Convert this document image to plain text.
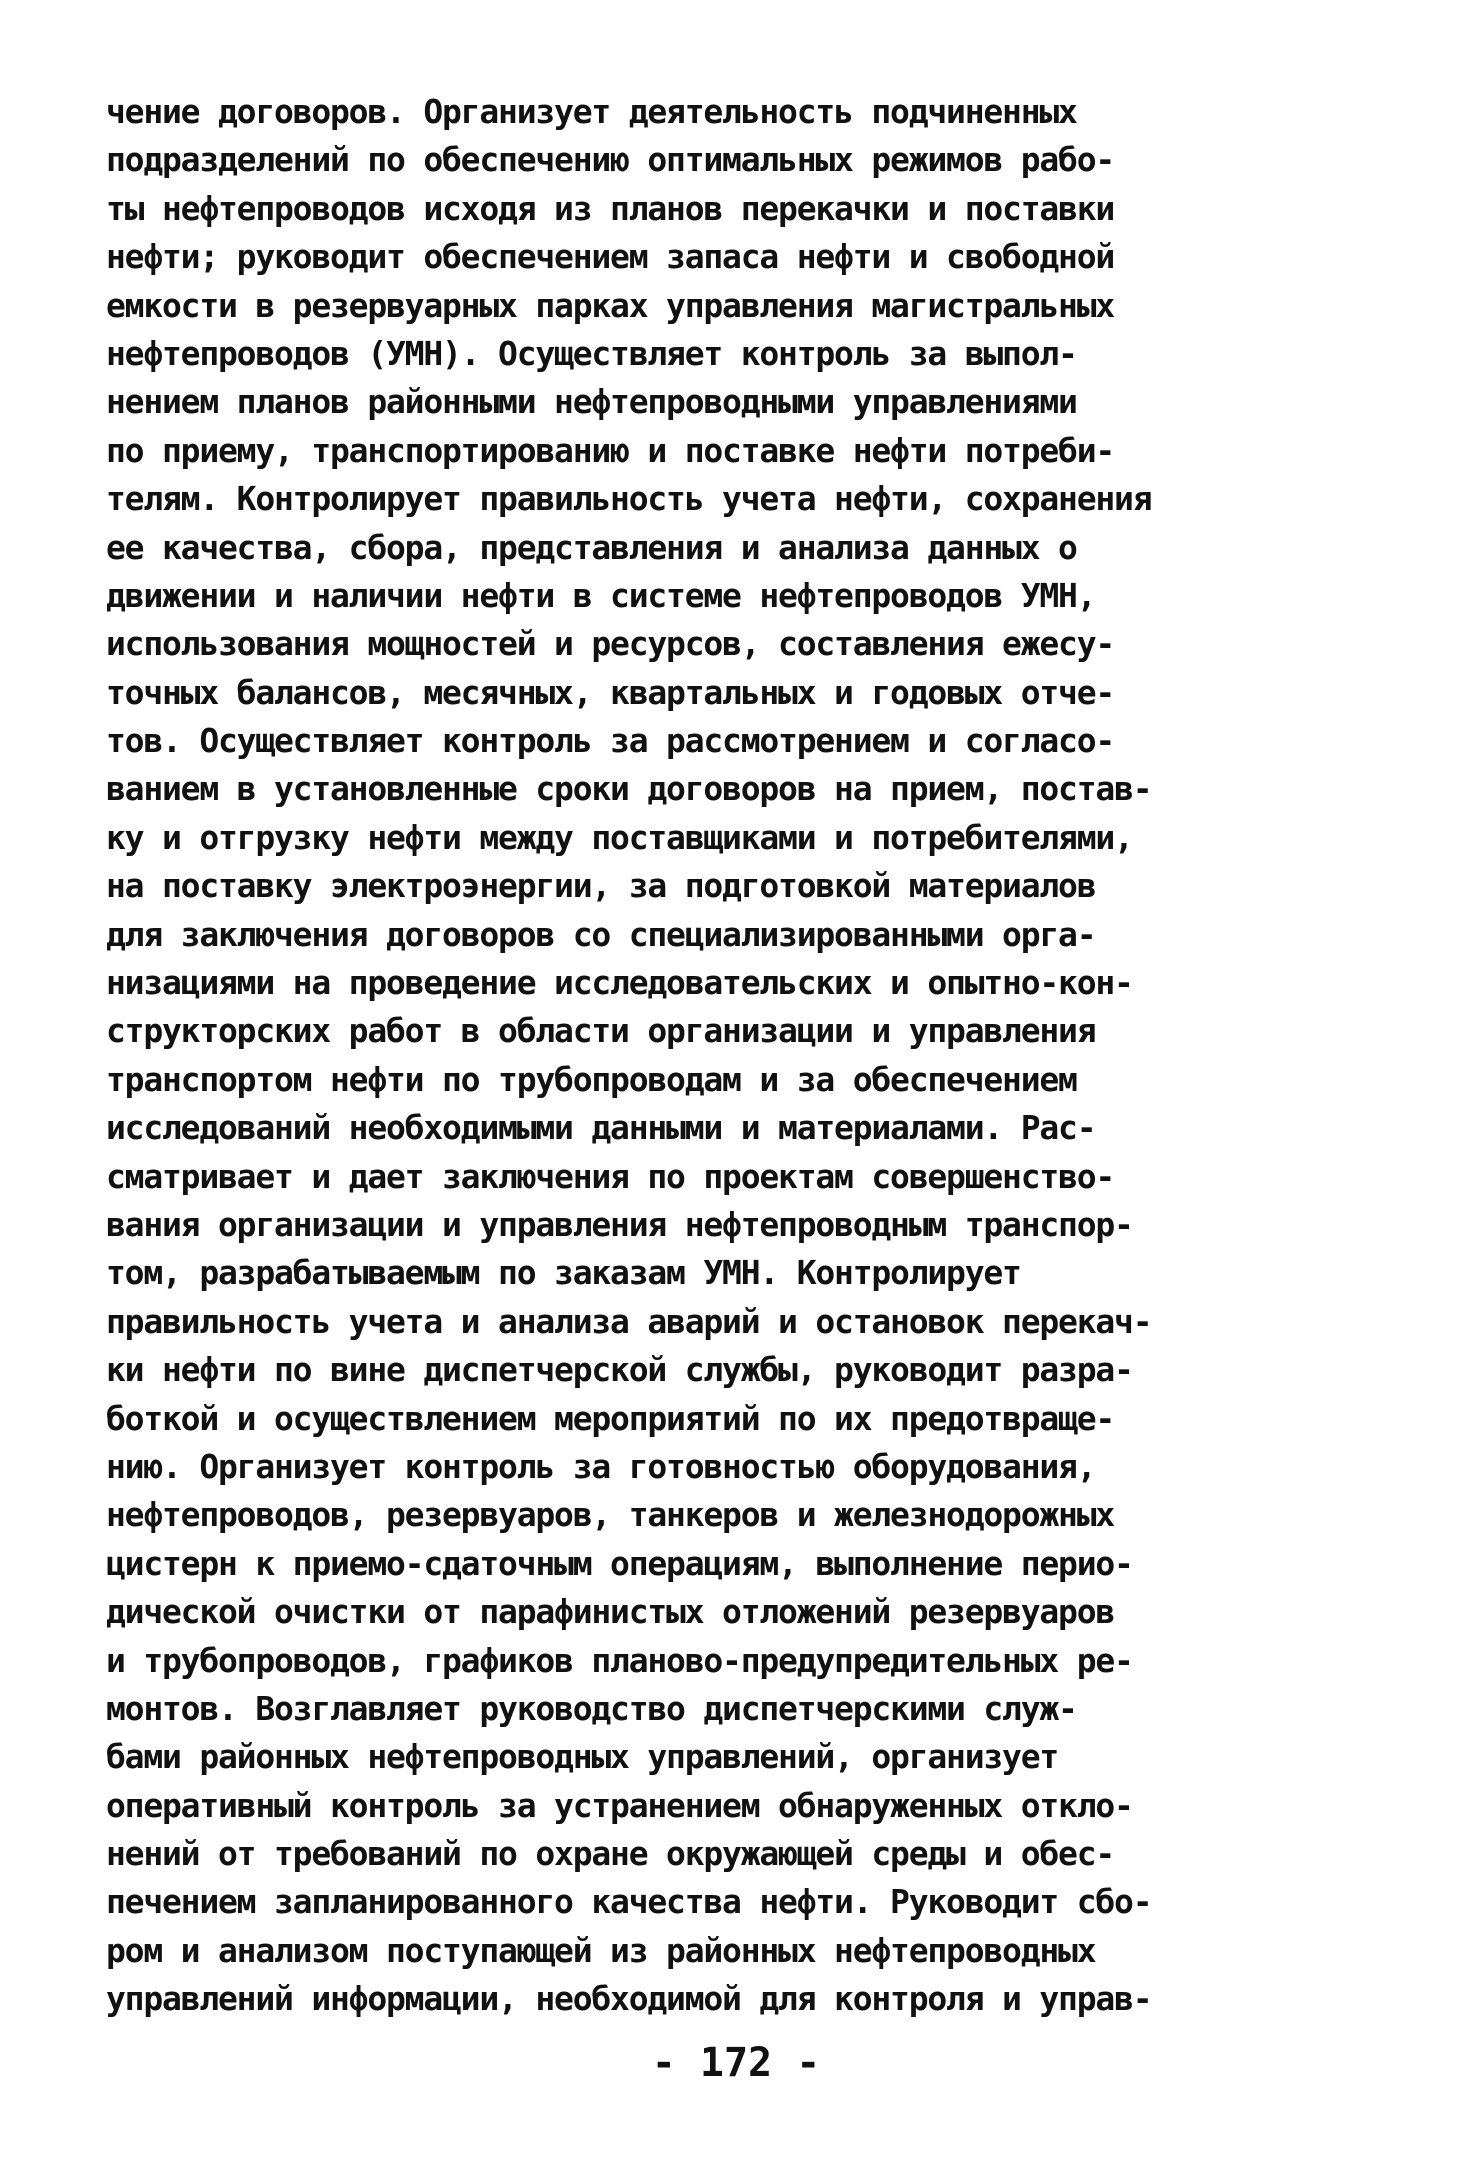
чение договоров. Организует деятельность подчиненных
подразделений по обеспечению оптимальных режимов рабо-
ты нефтепроводов исходя из планов перекачки и поставки
нефти; руководит обеспечением запаса нефти и свободной
емкости в резервуарных парках управления магистральных
нефтепроводов (УМН). Осуществляет контроль за выпол-
нением планов районными нефтепроводными управлениями
по приему, транспортированию и поставке нефти потреби-
телям. Контролирует правильность учета нефти, сохранения
ее качества, сбора, представления и анализа данных о
движении и наличии нефти в системе нефтепроводов УМН,
использования мощностей и ресурсов, составления ежесу-
точных балансов, месячных, квартальных и годовых отче-
тов. Осуществляет контроль за рассмотрением и согласо-
ванием в установленные сроки договоров на прием, постав-
ку и отгрузку нефти между поставщиками и потребителями,
на поставку электроэнергии, за подготовкой материалов
для заключения договоров со специализированными орга-
низациями на проведение исследовательских и опытно-кон-
структорских работ в области организации и управления
транспортом нефти по трубопроводам и за обеспечением
исследований необходимыми данными и материалами. Рас-
сматривает и дает заключения по проектам совершенство-
вания организации и управления нефтепроводным транспор-
том, разрабатываемым по заказам УМН. Контролирует
правильность учета и анализа аварий и остановок перекач-
ки нефти по вине диспетчерской службы, руководит разра-
боткой и осуществлением мероприятий по их предотвраще-
нию. Организует контроль за готовностью оборудования,
нефтепроводов, резервуаров, танкеров и железнодорожных
цистерн к приемо-сдаточным операциям, выполнение перио-
дической очистки от парафинистых отложений резервуаров
и трубопроводов, графиков планово-предупредительных ре-
монтов. Возглавляет руководство диспетчерскими служ-
бами районных нефтепроводных управлений, организует
оперативный контроль за устранением обнаруженных откло-
нений от требований по охране окружающей среды и обес-
печением запланированного качества нефти. Руководит сбо-
ром и анализом поступающей из районных нефтепроводных
управлений информации, необходимой для контроля и управ-
- 172 -
